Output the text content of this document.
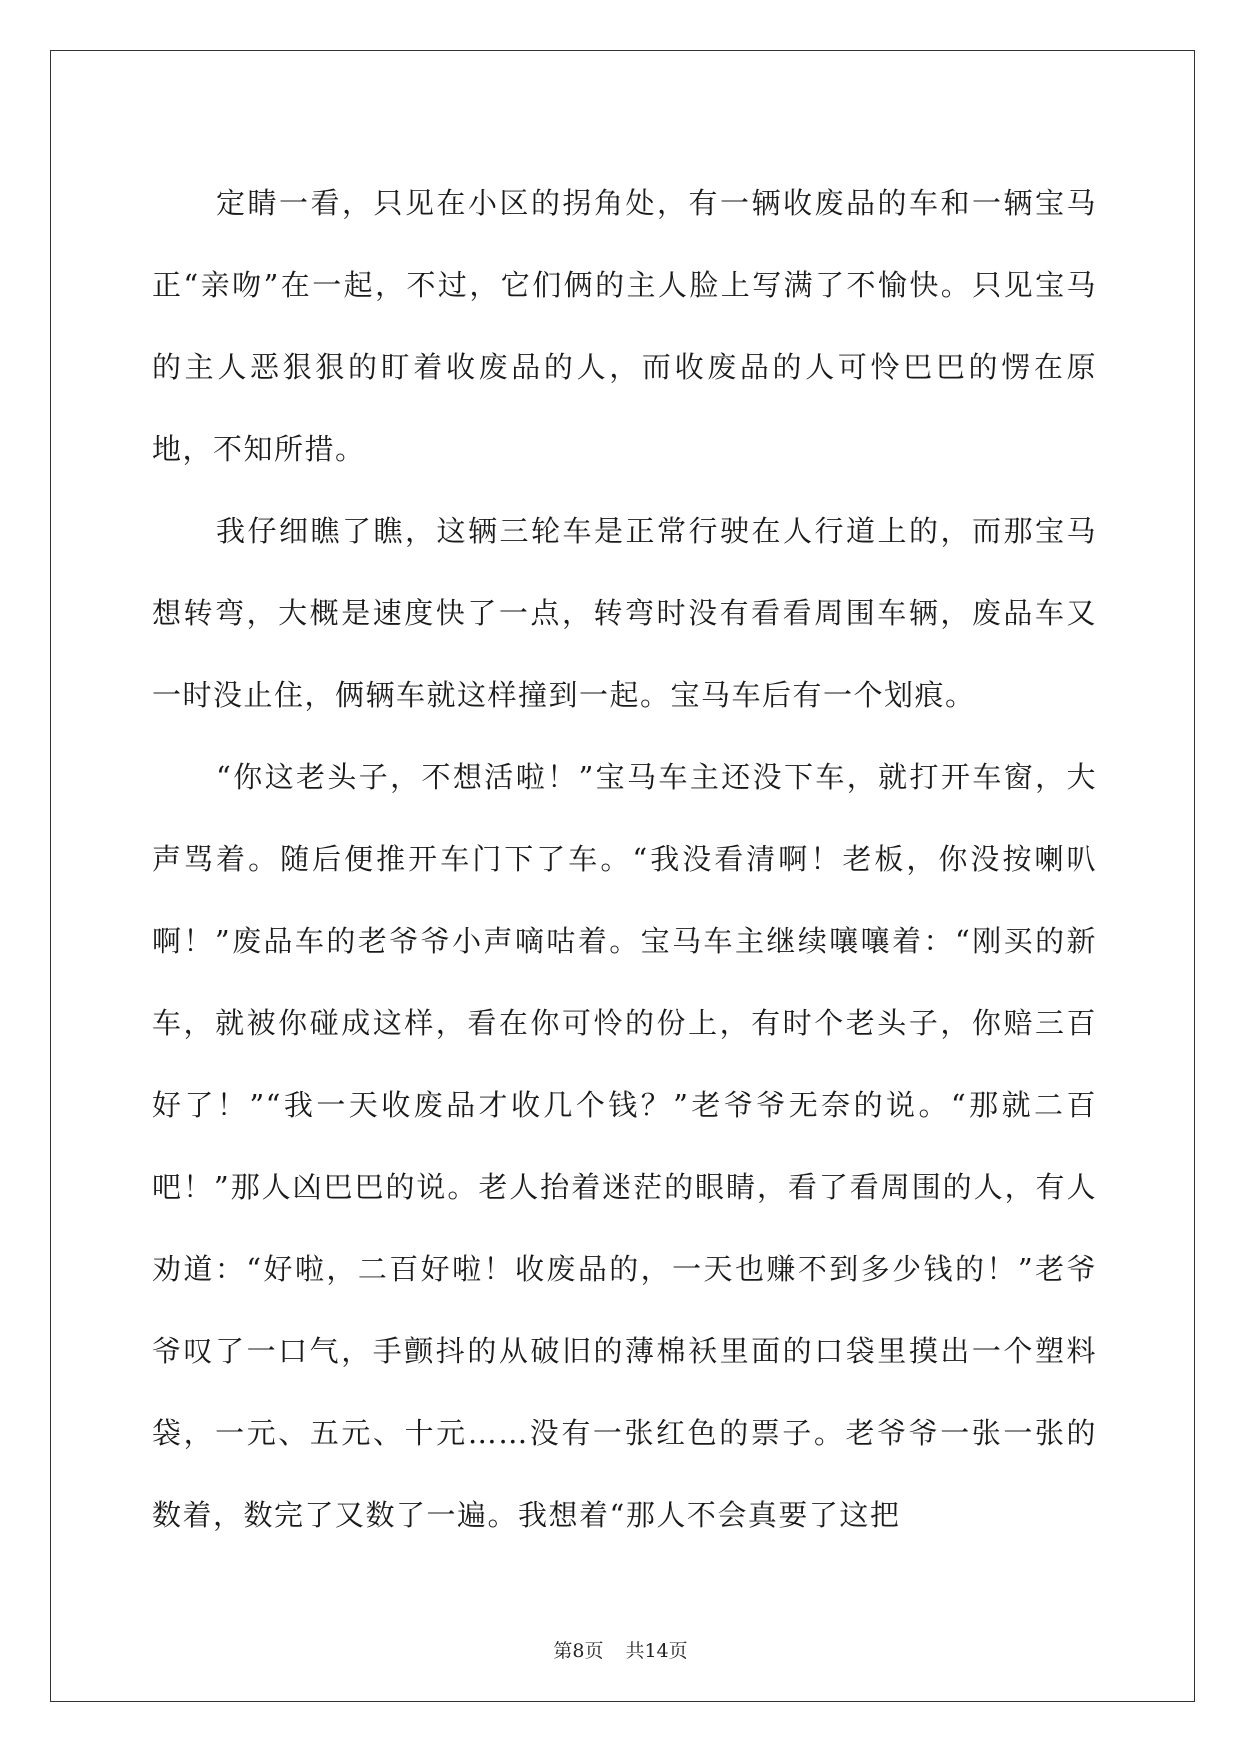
定睛一看，只见在小区的拐角处，有一辆收废品的车和一辆宝马正“亲吻”在一起，不过，它们俩的主人脸上写满了不愉快。只见宝马的主人恶狠狠的盯着收废品的人，而收废品的人可怜巴巴的愣在原地，不知所措。

我仔细瞧了瞧，这辆三轮车是正常行驶在人行道上的，而那宝马想转弯，大概是速度快了一点，转弯时没有看看周围车辆，废品车又一时没止住，俩辆车就这样撞到一起。宝马车后有一个划痕。

“你这老头子，不想活啦！”宝马车主还没下车，就打开车窗，大声骂着。随后便推开车门下了车。“我没看清啊！老板，你没按喇叭啊！”废品车的老爷爷小声嘀咕着。宝马车主继续嚷嚷着：“刚买的新车，就被你碰成这样，看在你可怜的份上，有时个老头子，你赔三百好了！”“我一天收废品才收几个钱？”老爷爷无奈的说。“那就二百吧！”那人凶巴巴的说。老人抬着迷茫的眼睛，看了看周围的人，有人劝道：“好啦，二百好啦！收废品的，一天也赚不到多少钱的！”老爷爷叹了一口气，手颤抖的从破旧的薄棉袄里面的口袋里摸出一个塑料袋，一元、五元、十元……没有一张红色的票子。老爷爷一张一张的数着，数完了又数了一遍。我想着“那人不会真要了这把

第8页 共14页
